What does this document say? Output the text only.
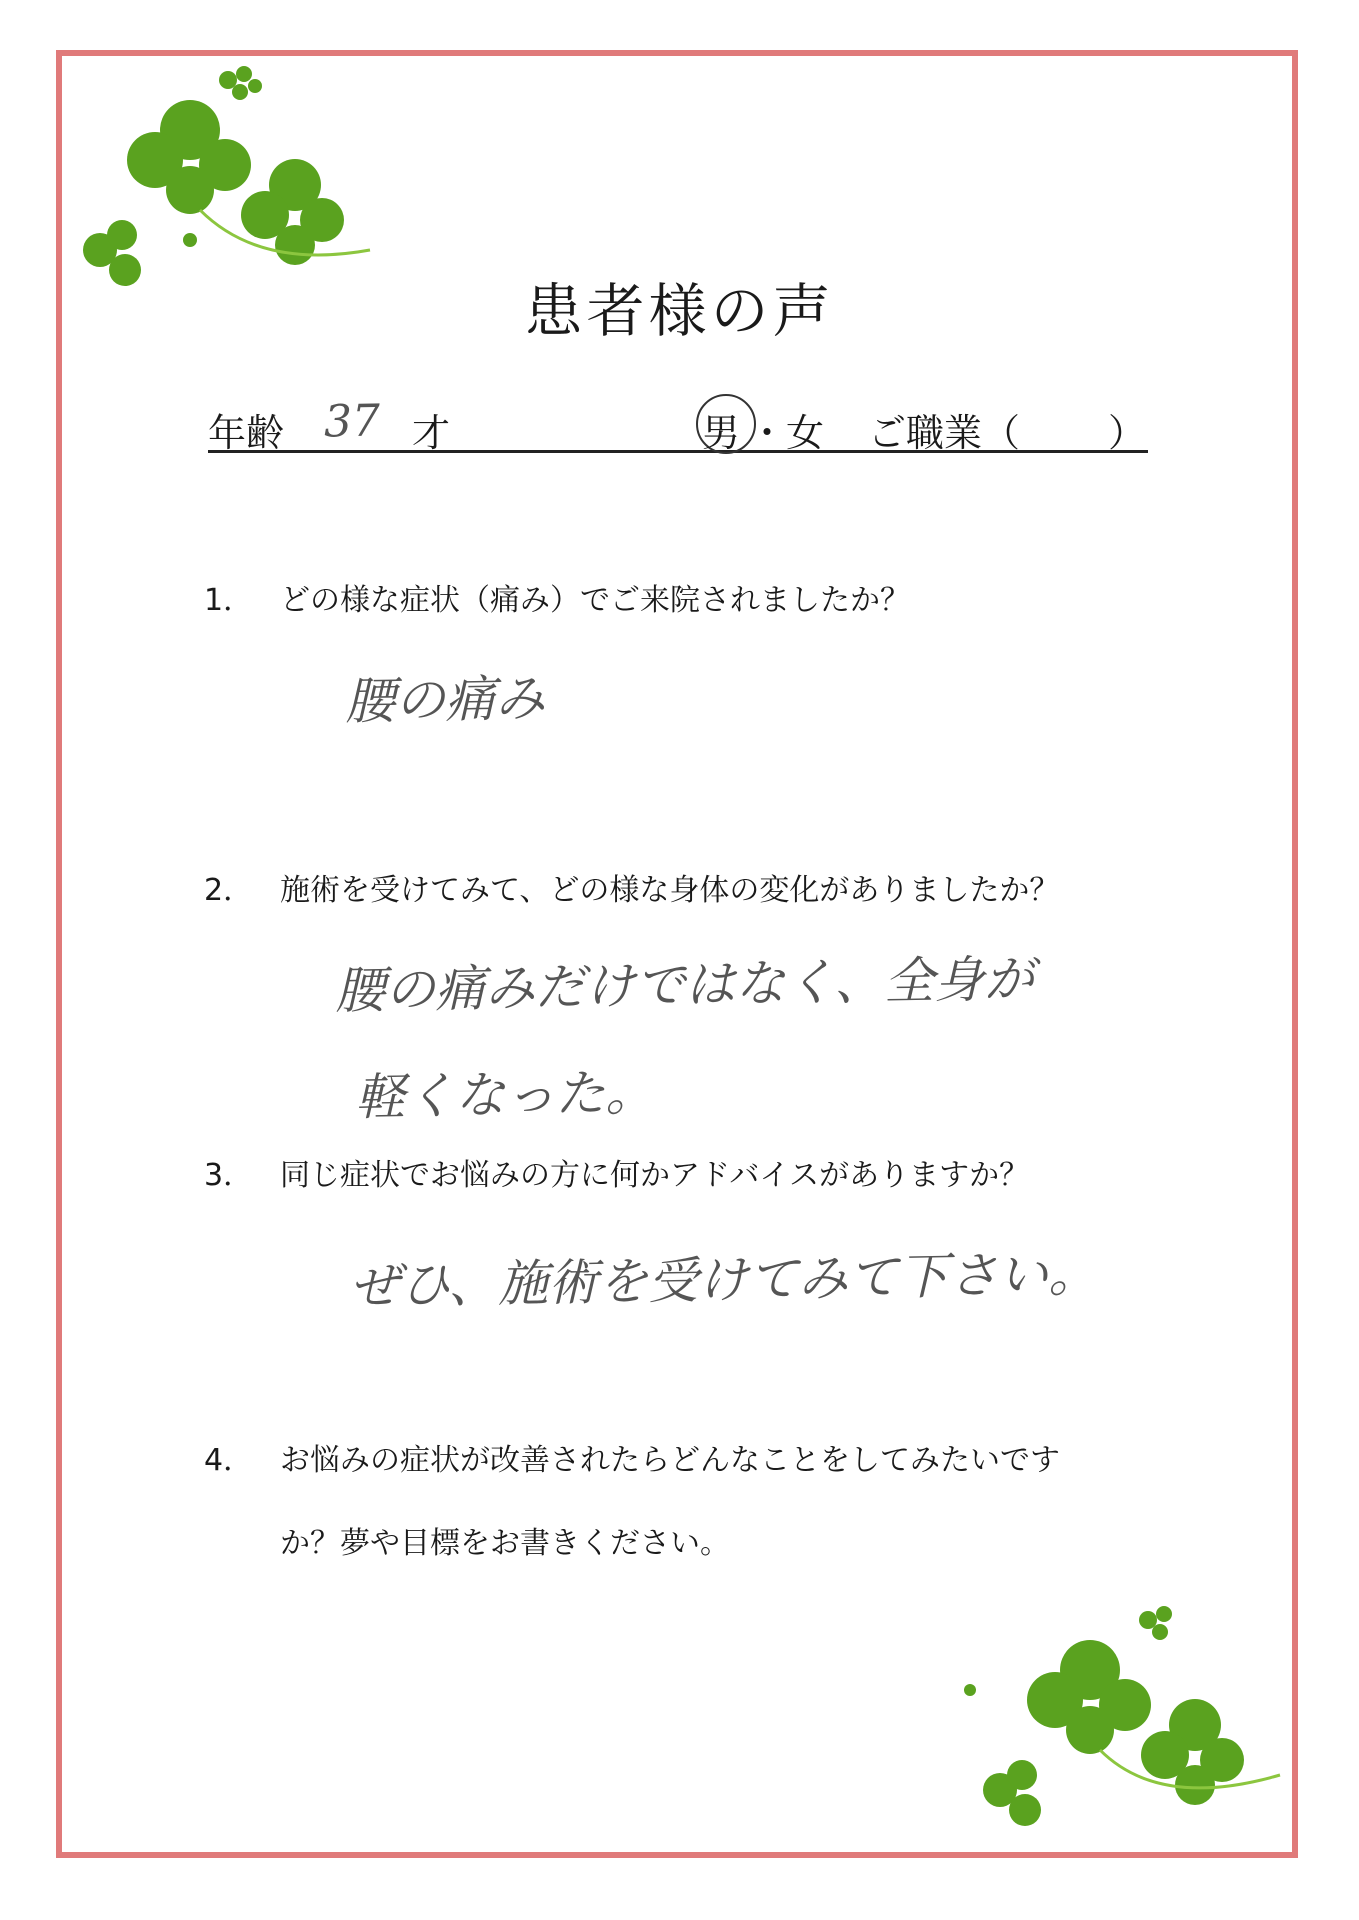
患者様の声
年齢 37 才	男 ・ 女 ご職業（ ）
1． どの様な症状（痛み）でご来院されましたか？
腰の痛み
2． 施術を受けてみて、どの様な身体の変化がありましたか？
腰の痛みだけではなく、全身が
軽くなった。
3． 同じ症状でお悩みの方に何かアドバイスがありますか？
ぜひ、施術を受けてみて下さい。
4． お悩みの症状が改善されたらどんなことをしてみたいです
か？夢や目標をお書きください。
